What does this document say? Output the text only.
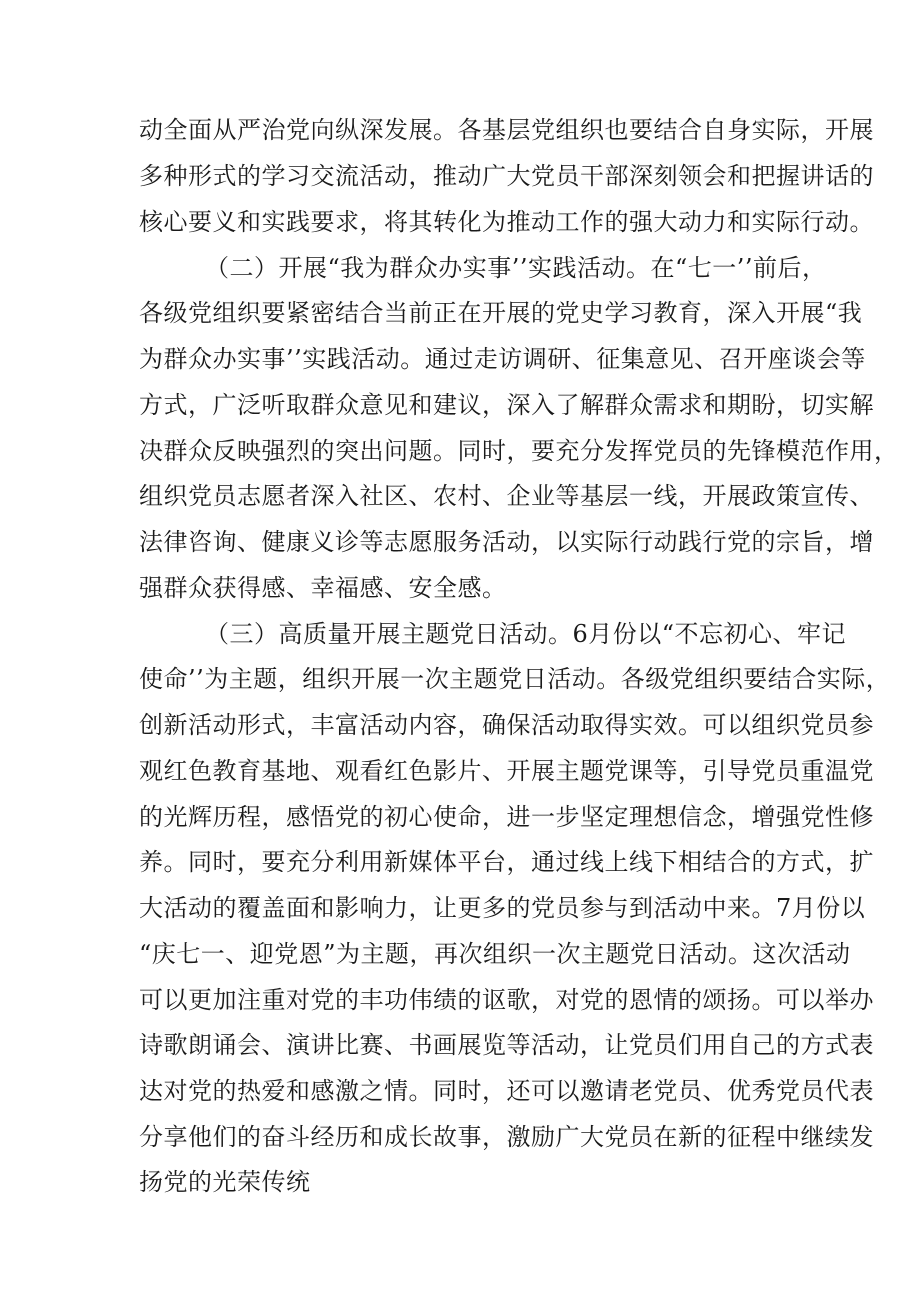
动全面从严治党向纵深发展。各基层党组织也要结合自身实际，开展
多种形式的学习交流活动，推动广大党员干部深刻领会和把握讲话的
核心要义和实践要求，将其转化为推动工作的强大动力和实际行动。
（二）开展“我为群众办实事’’实践活动。在“七一’’前后，
各级党组织要紧密结合当前正在开展的党史学习教育，深入开展“我
为群众办实事’’实践活动。通过走访调研、征集意见、召开座谈会等
方式，广泛听取群众意见和建议，深入了解群众需求和期盼，切实解
决群众反映强烈的突出问题。同时，要充分发挥党员的先锋模范作用，
组织党员志愿者深入社区、农村、企业等基层一线，开展政策宣传、
法律咨询、健康义诊等志愿服务活动，以实际行动践行党的宗旨，增
强群众获得感、幸福感、安全感。
（三）高质量开展主题党日活动。6月份以“不忘初心、牢记
使命’’为主题，组织开展一次主题党日活动。各级党组织要结合实际，
创新活动形式，丰富活动内容，确保活动取得实效。可以组织党员参
观红色教育基地、观看红色影片、开展主题党课等，引导党员重温党
的光辉历程，感悟党的初心使命，进一步坚定理想信念，增强党性修
养。同时，要充分利用新媒体平台，通过线上线下相结合的方式，扩
大活动的覆盖面和影响力，让更多的党员参与到活动中来。7月份以
“庆七一、迎党恩”为主题，再次组织一次主题党日活动。这次活动
可以更加注重对党的丰功伟绩的讴歌，对党的恩情的颂扬。可以举办
诗歌朗诵会、演讲比赛、书画展览等活动，让党员们用自己的方式表
达对党的热爱和感激之情。同时，还可以邀请老党员、优秀党员代表
分享他们的奋斗经历和成长故事，激励广大党员在新的征程中继续发
扬党的光荣传统
